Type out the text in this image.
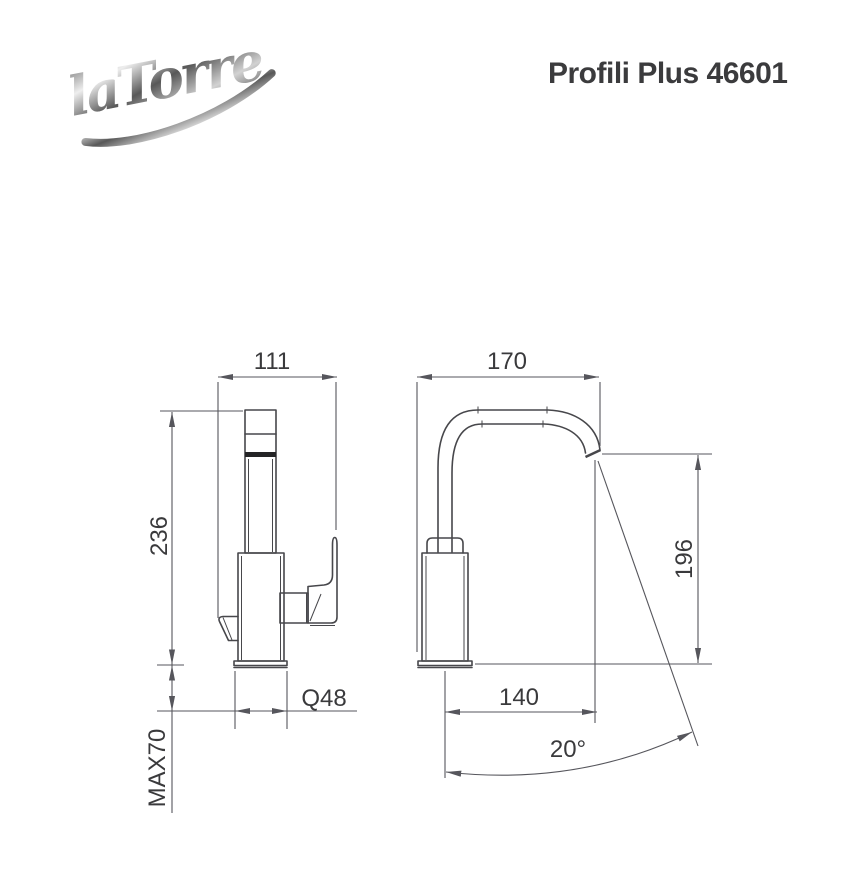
laTorre	Profili Plus 46601
111
236
MAX70
Q48
170
196
140
20°
